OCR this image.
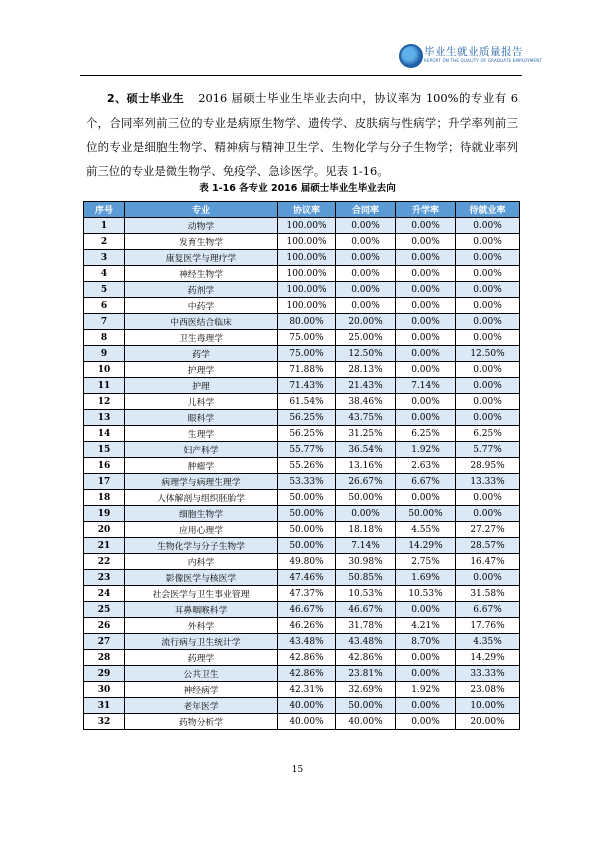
毕业生就业质量报告
REPORT ON THE QUALITY OF GRADUATE EMPLOYMENT
2、硕士毕业生 2016 届硕士毕业生毕业去向中，协议率为 100%的专业有 6 个，合同率列前三位的专业是病原生物学、遗传学、皮肤病与性病学；升学率列前三位的专业是细胞生物学、精神病与精神卫生学、生物化学与分子生物学；待就业率列前三位的专业是微生物学、免疫学、急诊医学。见表 1-16。
表 1-16 各专业 2016 届硕士毕业生毕业去向
序号	专业	协议率	合同率	升学率	待就业率
1	动物学	100.00%	0.00%	0.00%	0.00%
2	发育生物学	100.00%	0.00%	0.00%	0.00%
3	康复医学与理疗学	100.00%	0.00%	0.00%	0.00%
4	神经生物学	100.00%	0.00%	0.00%	0.00%
5	药剂学	100.00%	0.00%	0.00%	0.00%
6	中药学	100.00%	0.00%	0.00%	0.00%
7	中西医结合临床	80.00%	20.00%	0.00%	0.00%
8	卫生毒理学	75.00%	25.00%	0.00%	0.00%
9	药学	75.00%	12.50%	0.00%	12.50%
10	护理学	71.88%	28.13%	0.00%	0.00%
11	护理	71.43%	21.43%	7.14%	0.00%
12	儿科学	61.54%	38.46%	0.00%	0.00%
13	眼科学	56.25%	43.75%	0.00%	0.00%
14	生理学	56.25%	31.25%	6.25%	6.25%
15	妇产科学	55.77%	36.54%	1.92%	5.77%
16	肿瘤学	55.26%	13.16%	2.63%	28.95%
17	病理学与病理生理学	53.33%	26.67%	6.67%	13.33%
18	人体解剖与组织胚胎学	50.00%	50.00%	0.00%	0.00%
19	细胞生物学	50.00%	0.00%	50.00%	0.00%
20	应用心理学	50.00%	18.18%	4.55%	27.27%
21	生物化学与分子生物学	50.00%	7.14%	14.29%	28.57%
22	内科学	49.80%	30.98%	2.75%	16.47%
23	影像医学与核医学	47.46%	50.85%	1.69%	0.00%
24	社会医学与卫生事业管理	47.37%	10.53%	10.53%	31.58%
25	耳鼻咽喉科学	46.67%	46.67%	0.00%	6.67%
26	外科学	46.26%	31.78%	4.21%	17.76%
27	流行病与卫生统计学	43.48%	43.48%	8.70%	4.35%
28	药理学	42.86%	42.86%	0.00%	14.29%
29	公共卫生	42.86%	23.81%	0.00%	33.33%
30	神经病学	42.31%	32.69%	1.92%	23.08%
31	老年医学	40.00%	50.00%	0.00%	10.00%
32	药物分析学	40.00%	40.00%	0.00%	20.00%
15
